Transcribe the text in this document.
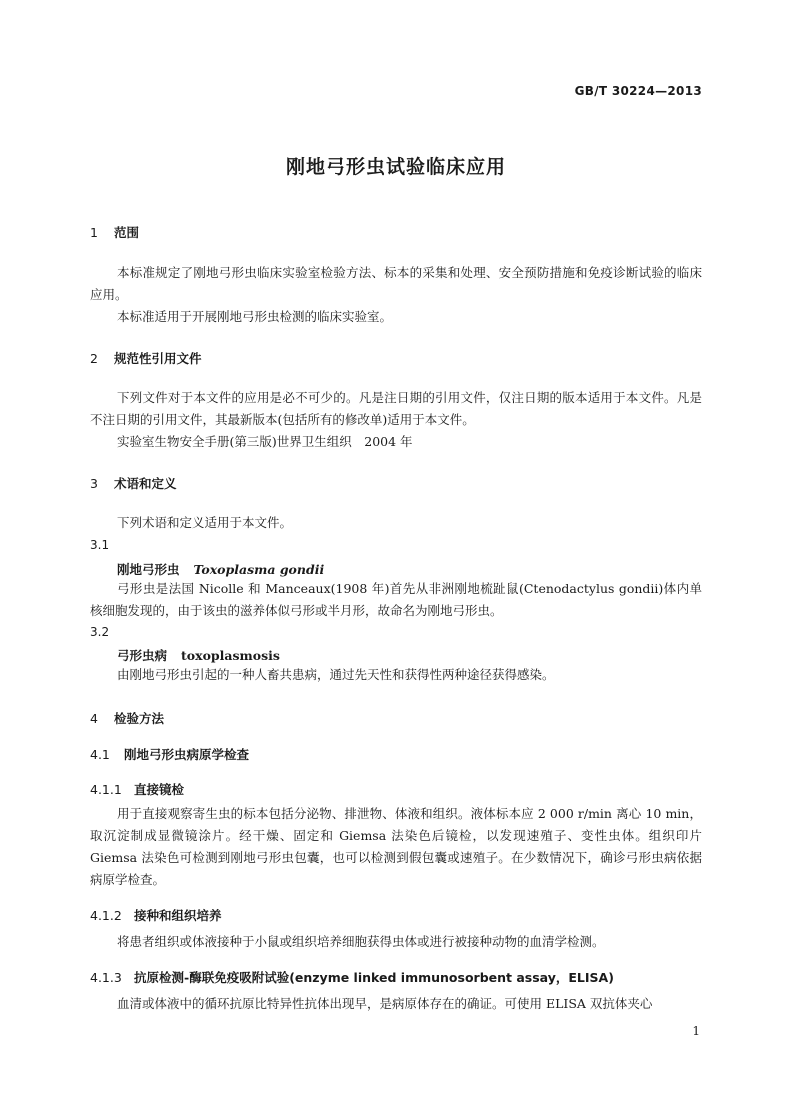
GB/T 30224—2013
刚地弓形虫试验临床应用
1 范围
本标准规定了刚地弓形虫临床实验室检验方法、标本的采集和处理、安全预防措施和免疫诊断试验的临床应用。
本标准适用于开展刚地弓形虫检测的临床实验室。
2 规范性引用文件
下列文件对于本文件的应用是必不可少的。凡是注日期的引用文件，仅注日期的版本适用于本文件。凡是不注日期的引用文件，其最新版本(包括所有的修改单)适用于本文件。
实验室生物安全手册(第三版)世界卫生组织　2004 年
3 术语和定义
下列术语和定义适用于本文件。
3.1
刚地弓形虫 Toxoplasma gondii
弓形虫是法国 Nicolle 和 Manceaux(1908 年)首先从非洲刚地梳趾鼠(Ctenodactylus gondii)体内单核细胞发现的，由于该虫的滋养体似弓形或半月形，故命名为刚地弓形虫。
3.2
弓形虫病 toxoplasmosis
由刚地弓形虫引起的一种人畜共患病，通过先天性和获得性两种途径获得感染。
4 检验方法
4.1 刚地弓形虫病原学检查
4.1.1 直接镜检
用于直接观察寄生虫的标本包括分泌物、排泄物、体液和组织。液体标本应 2 000 r/min 离心 10 min，取沉淀制成显微镜涂片。经干燥、固定和 Giemsa 法染色后镜检，以发现速殖子、变性虫体。组织印片 Giemsa 法染色可检测到刚地弓形虫包囊，也可以检测到假包囊或速殖子。在少数情况下，确诊弓形虫病依据病原学检查。
4.1.2 接种和组织培养
将患者组织或体液接种于小鼠或组织培养细胞获得虫体或进行被接种动物的血清学检测。
4.1.3 抗原检测-酶联免疫吸附试验(enzyme linked immunosorbent assay，ELISA)
血清或体液中的循环抗原比特异性抗体出现早，是病原体存在的确证。可使用 ELISA 双抗体夹心
1
